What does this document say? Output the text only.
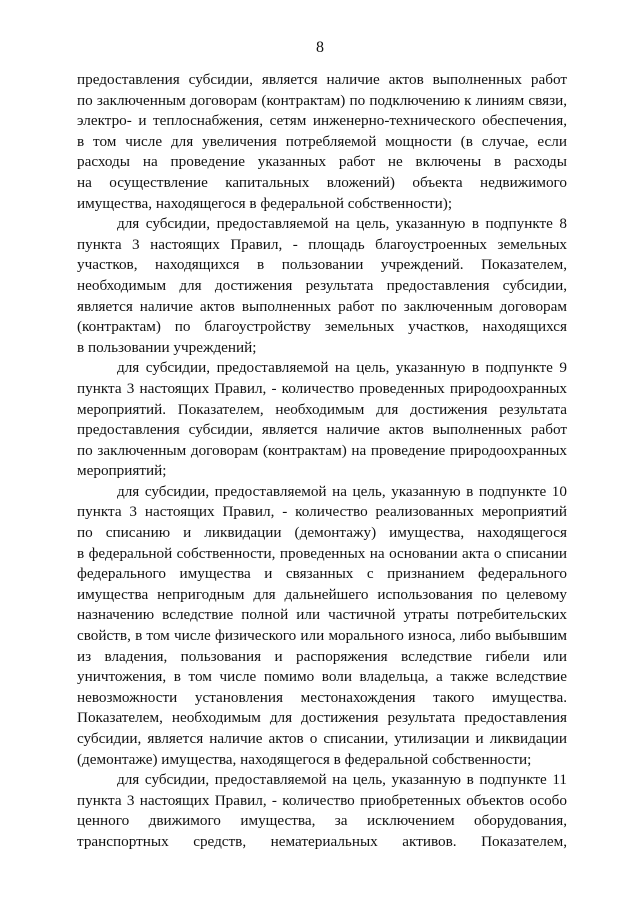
8
предоставления субсидии, является наличие актов выполненных работ
по заключенным договорам (контрактам) по подключению к линиям связи,
электро- и теплоснабжения, сетям инженерно-технического обеспечения,
в том числе для увеличения потребляемой мощности (в случае, если
расходы на проведение указанных работ не включены в расходы
на осуществление капитальных вложений) объекта недвижимого
имущества, находящегося в федеральной собственности);
для субсидии, предоставляемой на цель, указанную в подпункте 8
пункта 3 настоящих Правил, - площадь благоустроенных земельных
участков, находящихся в пользовании учреждений. Показателем,
необходимым для достижения результата предоставления субсидии,
является наличие актов выполненных работ по заключенным договорам
(контрактам) по благоустройству земельных участков, находящихся
в пользовании учреждений;
для субсидии, предоставляемой на цель, указанную в подпункте 9
пункта 3 настоящих Правил, - количество проведенных природоохранных
мероприятий. Показателем, необходимым для достижения результата
предоставления субсидии, является наличие актов выполненных работ
по заключенным договорам (контрактам) на проведение природоохранных
мероприятий;
для субсидии, предоставляемой на цель, указанную в подпункте 10
пункта 3 настоящих Правил, - количество реализованных мероприятий
по списанию и ликвидации (демонтажу) имущества, находящегося
в федеральной собственности, проведенных на основании акта о списании
федерального имущества и связанных с признанием федерального
имущества непригодным для дальнейшего использования по целевому
назначению вследствие полной или частичной утраты потребительских
свойств, в том числе физического или морального износа, либо выбывшим
из владения, пользования и распоряжения вследствие гибели или
уничтожения, в том числе помимо воли владельца, а также вследствие
невозможности установления местонахождения такого имущества.
Показателем, необходимым для достижения результата предоставления
субсидии, является наличие актов о списании, утилизации и ликвидации
(демонтаже) имущества, находящегося в федеральной собственности;
для субсидии, предоставляемой на цель, указанную в подпункте 11
пункта 3 настоящих Правил, - количество приобретенных объектов особо
ценного движимого имущества, за исключением оборудования,
транспортных средств, нематериальных активов. Показателем,
